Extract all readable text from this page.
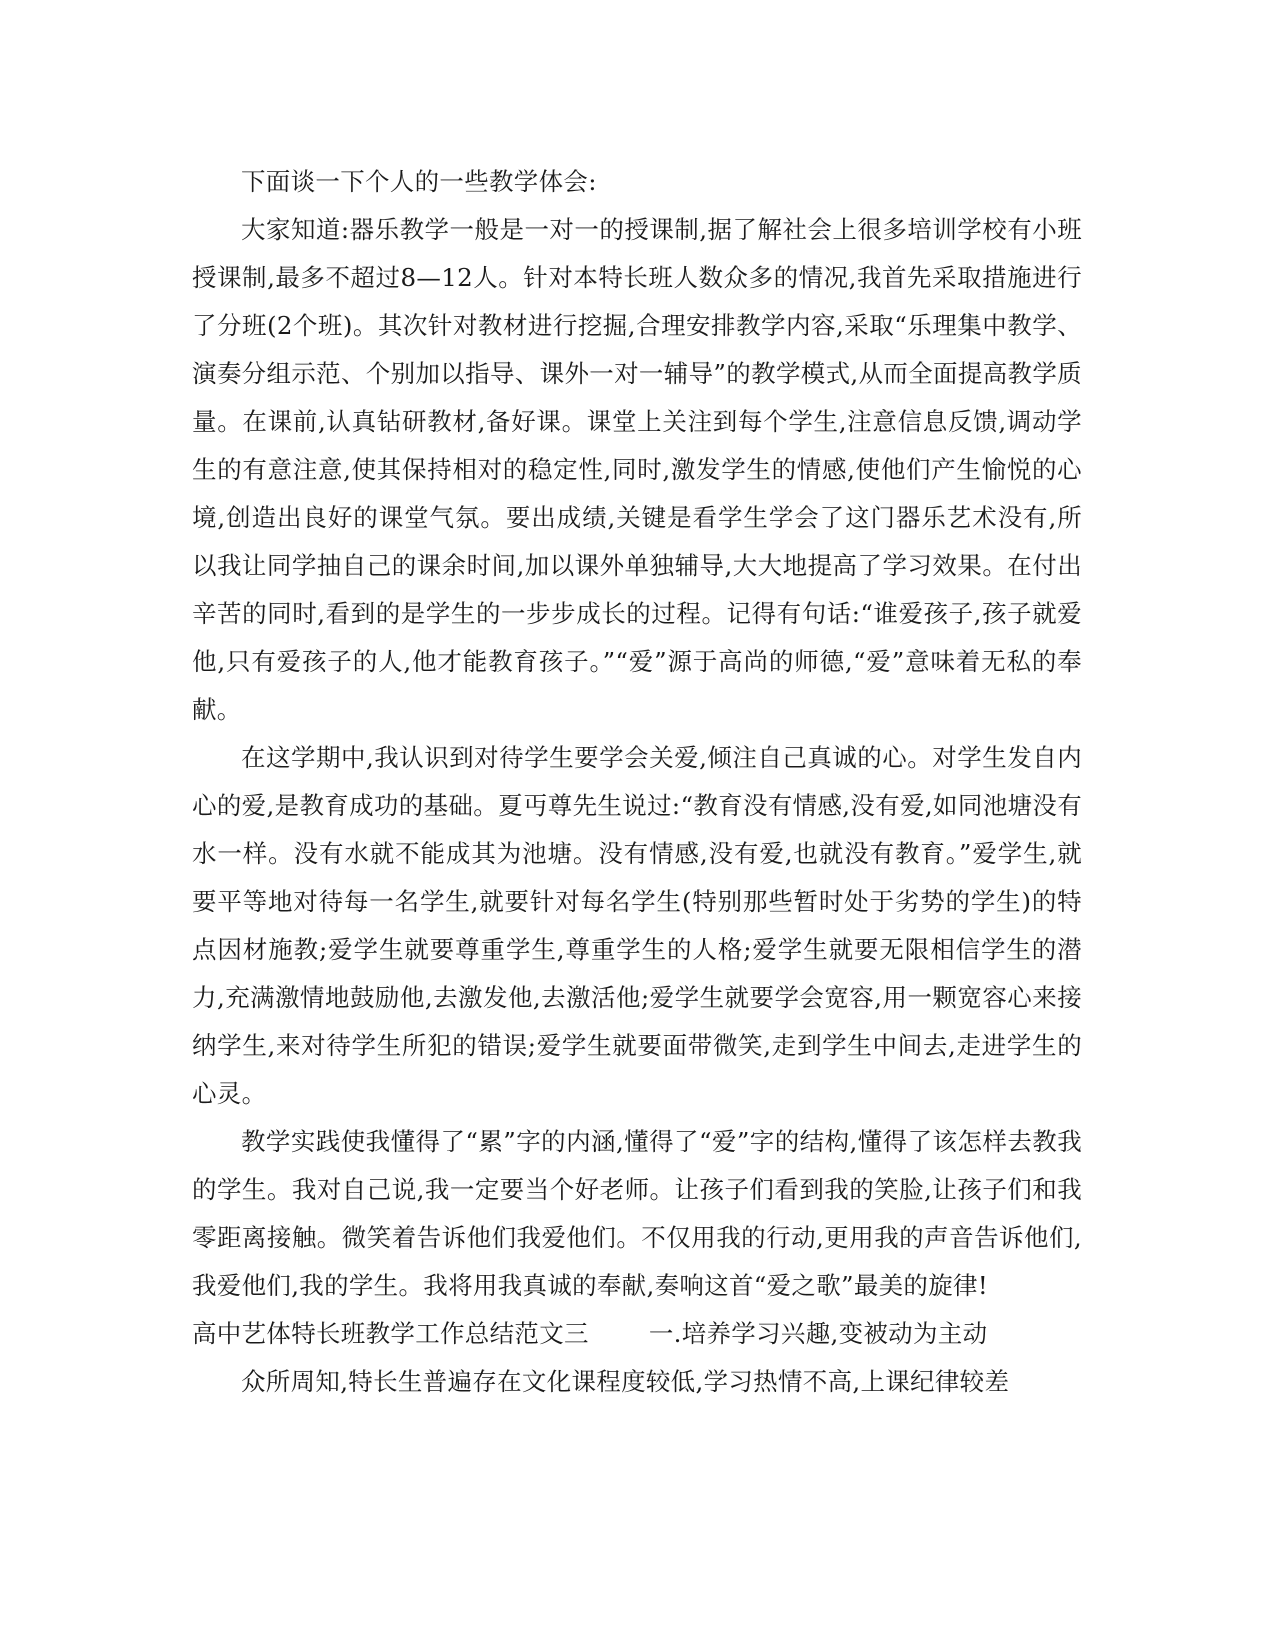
下面谈一下个人的一些教学体会:

大家知道:器乐教学一般是一对一的授课制,据了解社会上很多培训学校有小班授课制,最多不超过8—12人。针对本特长班人数众多的情况,我首先采取措施进行了分班(2个班)。其次针对教材进行挖掘,合理安排教学内容,采取“乐理集中教学、演奏分组示范、个别加以指导、课外一对一辅导”的教学模式,从而全面提高教学质量。在课前,认真钻研教材,备好课。课堂上关注到每个学生,注意信息反馈,调动学生的有意注意,使其保持相对的稳定性,同时,激发学生的情感,使他们产生愉悦的心境,创造出良好的课堂气氛。要出成绩,关键是看学生学会了这门器乐艺术没有,所以我让同学抽自己的课余时间,加以课外单独辅导,大大地提高了学习效果。在付出辛苦的同时,看到的是学生的一步步成长的过程。记得有句话:“谁爱孩子,孩子就爱他,只有爱孩子的人,他才能教育孩子。”“爱”源于高尚的师德,“爱”意味着无私的奉献。

在这学期中,我认识到对待学生要学会关爱,倾注自己真诚的心。对学生发自内心的爱,是教育成功的基础。夏丏尊先生说过:“教育没有情感,没有爱,如同池塘没有水一样。没有水就不能成其为池塘。没有情感,没有爱,也就没有教育。”爱学生,就要平等地对待每一名学生,就要针对每名学生(特别那些暂时处于劣势的学生)的特点因材施教;爱学生就要尊重学生,尊重学生的人格;爱学生就要无限相信学生的潜力,充满激情地鼓励他,去激发他,去激活他;爱学生就要学会宽容,用一颗宽容心来接纳学生,来对待学生所犯的错误;爱学生就要面带微笑,走到学生中间去,走进学生的心灵。

教学实践使我懂得了“累”字的内涵,懂得了“爱”字的结构,懂得了该怎样去教我的学生。我对自己说,我一定要当个好老师。让孩子们看到我的笑脸,让孩子们和我零距离接触。微笑着告诉他们我爱他们。不仅用我的行动,更用我的声音告诉他们,我爱他们,我的学生。我将用我真诚的奉献,奏响这首“爱之歌”最美的旋律!

高中艺体特长班教学工作总结范文三 一.培养学习兴趣,变被动为主动

众所周知,特长生普遍存在文化课程度较低,学习热情不高,上课纪律较差
